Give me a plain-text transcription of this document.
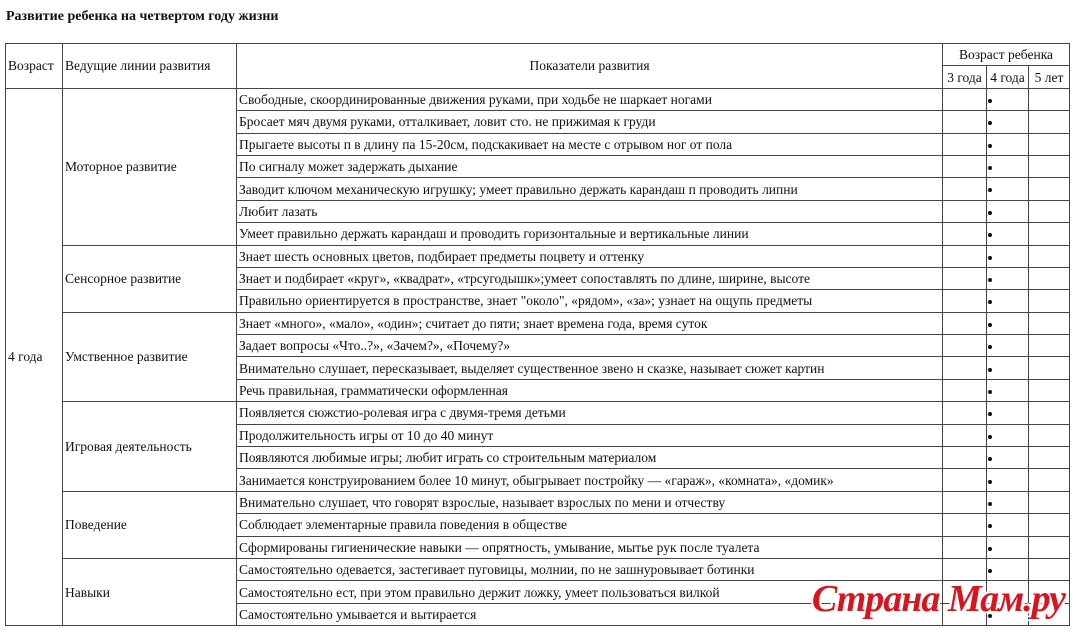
Развитие ребенка на четвертом году жизни
Возраст	Ведущие линии развития	Показатели развития	Возраст ребенка		
			3 года	4 года	5 лет
4 года	Моторное развитие	Свободные, скоординированные движения руками, при ходьбе не шаркает ногами			
		Бросает мяч двумя руками, отталкивает, ловит сто. не прижимая к груди			
		Прыгаете высоты п в длину па 15-20см, подскакивает на месте с отрывом ног от пола			
		По сигналу может задержать дыхание			
		Заводит ключом механическую игрушку; умеет правильно держать карандаш п проводить липни			
		Любит лазать			
		Умеет правильно держать карандаш и проводить горизонтальные и вертикальные линии			
	Сенсорное развитие	Знает шесть основных цветов, подбирает предметы поцвету и оттенку			
		Знает и подбирает «круг», «квадрат», «трсугодышк»;умеет сопоставлять по длине, ширине, высоте			
		Правильно ориентируется в пространстве, знает "около", «рядом», «за»; узнает на ощупь предметы			
	Умственное развитие	Знает «много», «мало», «один»; считает до пяти; знает времена года, время суток			
		Задает вопросы «Что..?», «Зачем?», «Почему?»			
		Внимательно слушает, пересказывает, выделяет существенное звено н сказке, называет сюжет картин			
		Речь правильная, грамматически оформленная			
	Игровая деятельность	Появляется сюжстио-ролевая игра с двумя-тремя детьми			
		Продолжительность игры от 10 до 40 минут			
		Появляются любимые игры; любит играть со строительным материалом			
		Занимается конструированием более 10 минут, обыгрывает постройку — «гараж», «комната», «домик»			
	Поведение	Внимательно слушает, что говорят взрослые, называет взрослых по мени и отчеству			
		Соблюдает элементарные правила поведения в обществе			
		Сформированы гигиенические навыки — опрятность, умывание, мытье рук после туалета			
	Навыки	Самостоятельно одевается, застегивает пуговицы, молнии, по не зашнуровывает ботинки			
		Самостоятельно ест, при этом правильно держит ложку, умеет пользоваться вилкой			
		Самостоятельно умывается и вытирается				Страна Мам.ру
